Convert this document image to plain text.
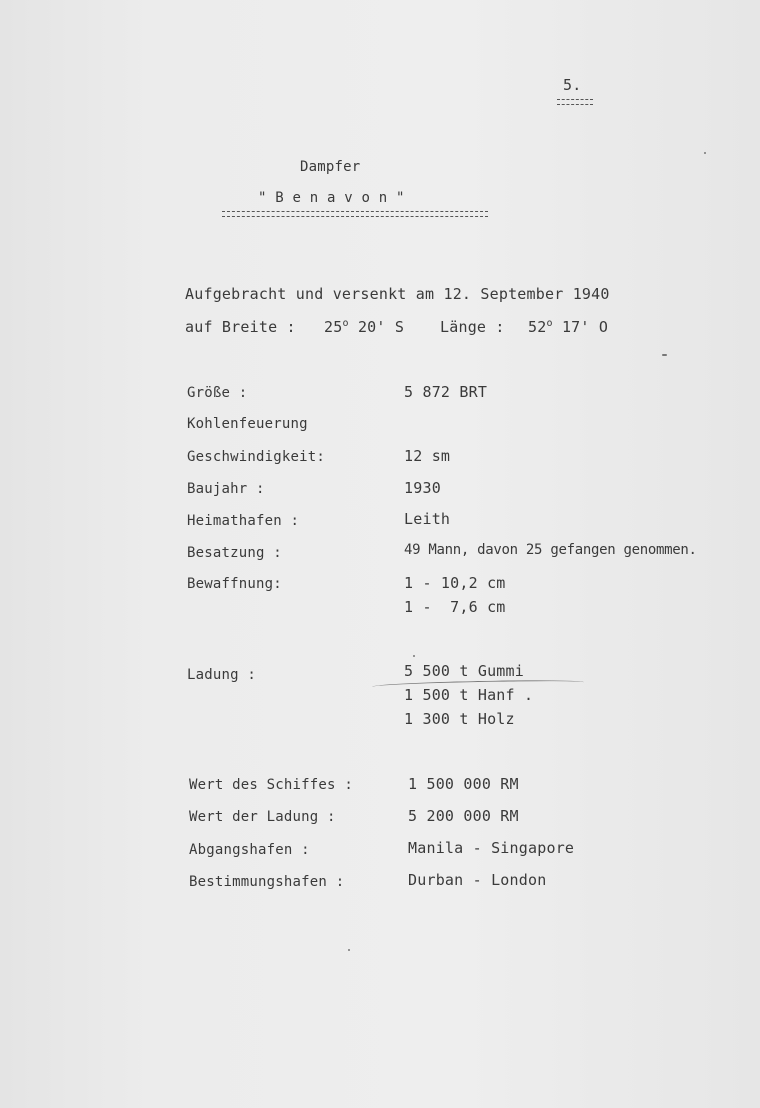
5.
Dampfer
" B e n a v o n "
Aufgebracht und versenkt am 12. September 1940
auf Breite : 25$^o$ 20' S Länge : 52$^o$ 17' O
Größe :	5 872 BRT
Kohlenfeuerung
Geschwindigkeit:	12 sm
Baujahr :	1930
Heimathafen :	Leith
Besatzung :	49 Mann, davon 25 gefangen genommen.
Bewaffnung:	1 - 10,2 cm
1 -  7,6 cm
Ladung :	5 500 t Gummi
1 500 t Hanf .
1 300 t Holz
Wert des Schiffes :	1 500 000 RM
Wert der Ladung :	5 200 000 RM
Abgangshafen :	Manila - Singapore
Bestimmungshafen :	Durban - London
